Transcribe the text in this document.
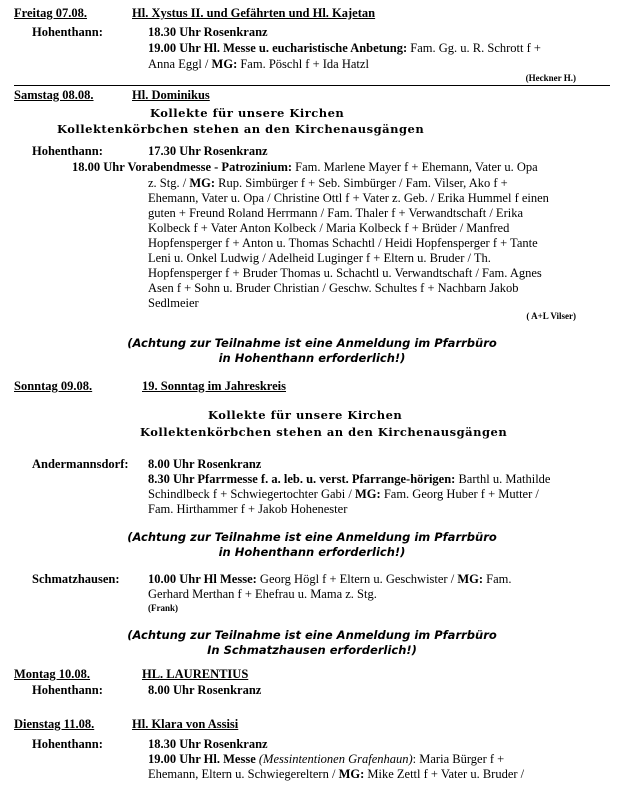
Freitag 07.08.	Hl. Xystus II. und Gefährten und Hl. Kajetan
Hohenthann:	18.30 Uhr Rosenkranz
19.00 Uhr Hl. Messe u. eucharistische Anbetung: Fam. Gg. u. R. Schrott f +
Anna Eggl / MG: Fam. Pöschl f + Ida Hatzl
(Heckner H.)
Samstag 08.08.	Hl. Dominikus
Kollekte für unsere Kirchen
Kollektenkörbchen stehen an den Kirchenausgängen
Hohenthann:	17.30 Uhr Rosenkranz
18.00 Uhr Vorabendmesse - Patrozinium: Fam. Marlene Mayer f + Ehemann, Vater u. Opa
z. Stg. / MG: Rup. Simbürger f + Seb. Simbürger / Fam. Vilser, Ako f +
Ehemann, Vater u. Opa / Christine Ottl f + Vater z. Geb. / Erika Hummel f einen
guten + Freund Roland Herrmann / Fam. Thaler f + Verwandtschaft / Erika
Kolbeck f + Vater Anton Kolbeck / Maria Kolbeck f + Brüder / Manfred
Hopfensperger f + Anton u. Thomas Schachtl / Heidi Hopfensperger f + Tante
Leni u. Onkel Ludwig / Adelheid Luginger f + Eltern u. Bruder / Th.
Hopfensperger f + Bruder Thomas u. Schachtl u. Verwandtschaft / Fam. Agnes
Asen f + Sohn u. Bruder Christian / Geschw. Schultes f + Nachbarn Jakob
Sedlmeier
( A+L Vilser)
(Achtung zur Teilnahme ist eine Anmeldung im Pfarrbüro
in Hohenthann erforderlich!)
Sonntag 09.08.	19. Sonntag im Jahreskreis
Kollekte für unsere Kirchen
Kollektenkörbchen stehen an den Kirchenausgängen
Andermannsdorf: 8.00 Uhr Rosenkranz
8.30 Uhr Pfarrmesse f. a. leb. u. verst. Pfarrange-hörigen: Barthl u. Mathilde
Schindlbeck f + Schwiegertochter Gabi / MG: Fam. Georg Huber f + Mutter /
Fam. Hirthammer f + Jakob Hohenester
(Achtung zur Teilnahme ist eine Anmeldung im Pfarrbüro
in Hohenthann erforderlich!)
Schmatzhausen: 10.00 Uhr Hl Messe: Georg Högl f + Eltern u. Geschwister / MG: Fam.
Gerhard Merthan f + Ehefrau u. Mama z. Stg.
(Frank)
(Achtung zur Teilnahme ist eine Anmeldung im Pfarrbüro
In Schmatzhausen erforderlich!)
Montag 10.08.	HL. LAURENTIUS
Hohenthann:	8.00 Uhr Rosenkranz
Dienstag 11.08.	Hl. Klara von Assisi
Hohenthann:	18.30 Uhr Rosenkranz
19.00 Uhr Hl. Messe (Messintentionen Grafenhaun): Maria Bürger f +
Ehemann, Eltern u. Schwiegereltern / MG: Mike Zettl f + Vater u. Bruder /
